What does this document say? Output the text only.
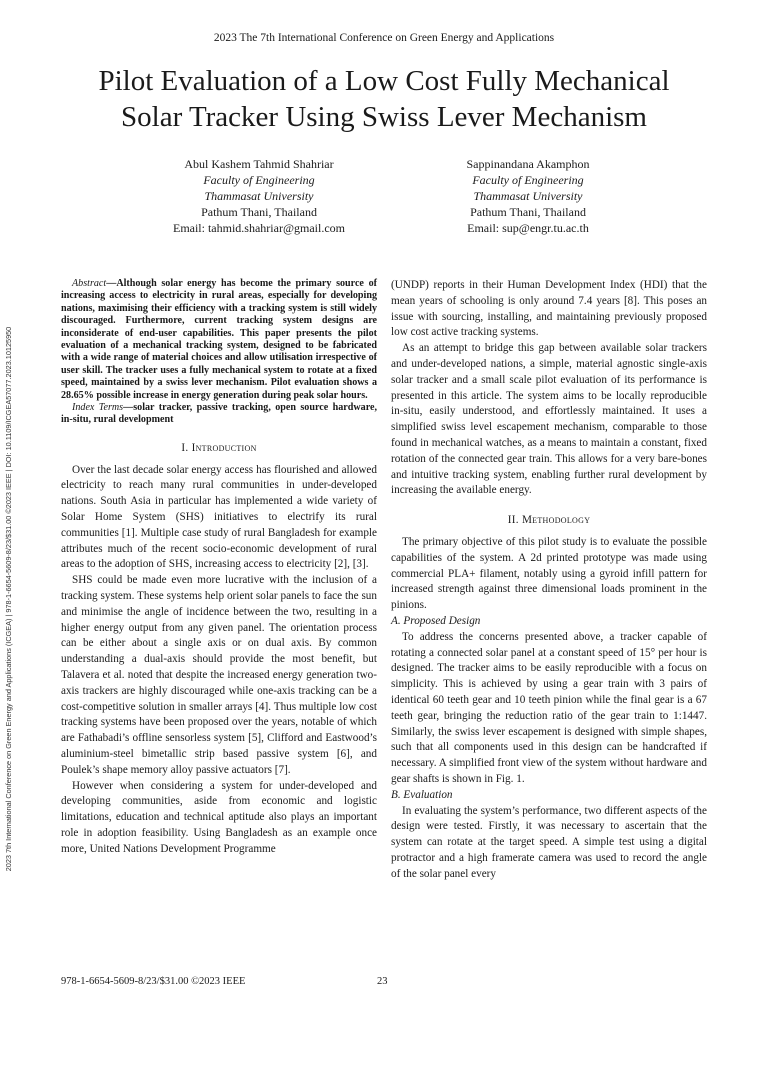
2023 The 7th International Conference on Green Energy and Applications
Pilot Evaluation of a Low Cost Fully Mechanical
Solar Tracker Using Swiss Lever Mechanism
Abul Kashem Tahmid Shahriar
Faculty of Engineering
Thammasat University
Pathum Thani, Thailand
Email: tahmid.shahriar@gmail.com
Sappinandana Akamphon
Faculty of Engineering
Thammasat University
Pathum Thani, Thailand
Email: sup@engr.tu.ac.th
2023 7th International Conference on Green Energy and Applications (ICGEA) | 978-1-6654-5609-8/23/$31.00 ©2023 IEEE | DOI: 10.1109/ICGEA57077.2023.10125950

Abstract—Although solar energy has become the primary source of increasing access to electricity in rural areas, especially for developing nations, maximising their efficiency with a tracking system is still widely discouraged. Furthermore, current tracking system designs are inconsiderate of end-user capabilities. This paper presents the pilot evaluation of a mechanical tracking system, designed to be fabricated with a wide range of material choices and allow utilisation irrespective of user skill. The tracker uses a fully mechanical system to rotate at a fixed speed, maintained by a swiss lever mechanism. Pilot evaluation shows a 28.65% possible increase in energy generation during peak solar hours.

Index Terms—solar tracker, passive tracking, open source hardware, in-situ, rural development

I. Introduction

Over the last decade solar energy access has flourished and allowed electricity to reach many rural communities in under-developed nations. South Asia in particular has implemented a wide variety of Solar Home System (SHS) initiatives to electrify its rural communities [1]. Multiple case study of rural Bangladesh for example attributes much of the recent socio-economic development of rural areas to the adoption of SHS, increasing access to electricity [2], [3].

SHS could be made even more lucrative with the inclusion of a tracking system. These systems help orient solar panels to face the sun and minimise the angle of incidence between the two, resulting in a higher energy output from any given panel. The orientation process can be either about a single axis or on dual axis. By common understanding a dual-axis should provide the most benefit, but Talavera et al. noted that despite the increased energy generation two-axis trackers are highly discouraged while one-axis tracking can be a cost-competitive solution in smaller arrays [4]. Thus multiple low cost tracking systems have been proposed over the years, notable of which are Fathabadi’s offline sensorless system [5], Clifford and Eastwood’s aluminium-steel bimetallic strip based passive system [6], and Poulek’s shape memory alloy passive actuators [7].

However when considering a system for under-developed and developing communities, aside from economic and logistic limitations, education and technical aptitude also plays an important role in adoption feasibility. Using Bangladesh as an example once more, United Nations Development Programme

(UNDP) reports in their Human Development Index (HDI) that the mean years of schooling is only around 7.4 years [8]. This poses an issue with sourcing, installing, and maintaining previously proposed low cost active tracking systems.

As an attempt to bridge this gap between available solar trackers and under-developed nations, a simple, material agnostic single-axis solar tracker and a small scale pilot evaluation of its performance is presented in this article. The system aims to be locally reproducible in-situ, easily understood, and effortlessly maintained. It uses a simplified swiss level escapement mechanism, comparable to those found in mechanical watches, as a means to maintain a constant, fixed rotation of the connected gear train. This allows for a very bare-bones and intuitive tracking system, enabling further rural development by increasing the available energy.

II. Methodology

The primary objective of this pilot study is to evaluate the possible capabilities of the system. A 2d printed prototype was made using commercial PLA+ filament, notably using a gyroid infill pattern for increased strength against three dimensional loads prominent in the pinions.

A. Proposed Design

To address the concerns presented above, a tracker capable of rotating a connected solar panel at a constant speed of 15° per hour is designed. The tracker aims to be easily reproducible with a focus on simplicity. This is achieved by using a gear train with 3 pairs of identical 60 teeth gear and 10 teeth pinion while the final gear is a 67 teeth gear, bringing the reduction ratio of the gear train to 1:1447. Similarly, the swiss lever escapement is designed with simple shapes, such that all components used in this design can be handcrafted if necessary. A simplified front view of the system without hardware and gear shafts is shown in Fig. 1.

B. Evaluation

In evaluating the system’s performance, two different aspects of the design were tested. Firstly, it was necessary to ascertain that the system can rotate at the target speed. A simple test using a digital protractor and a high framerate camera was used to record the angle of the solar panel every

978-1-6654-5609-8/23/$31.00 ©2023 IEEE	23
